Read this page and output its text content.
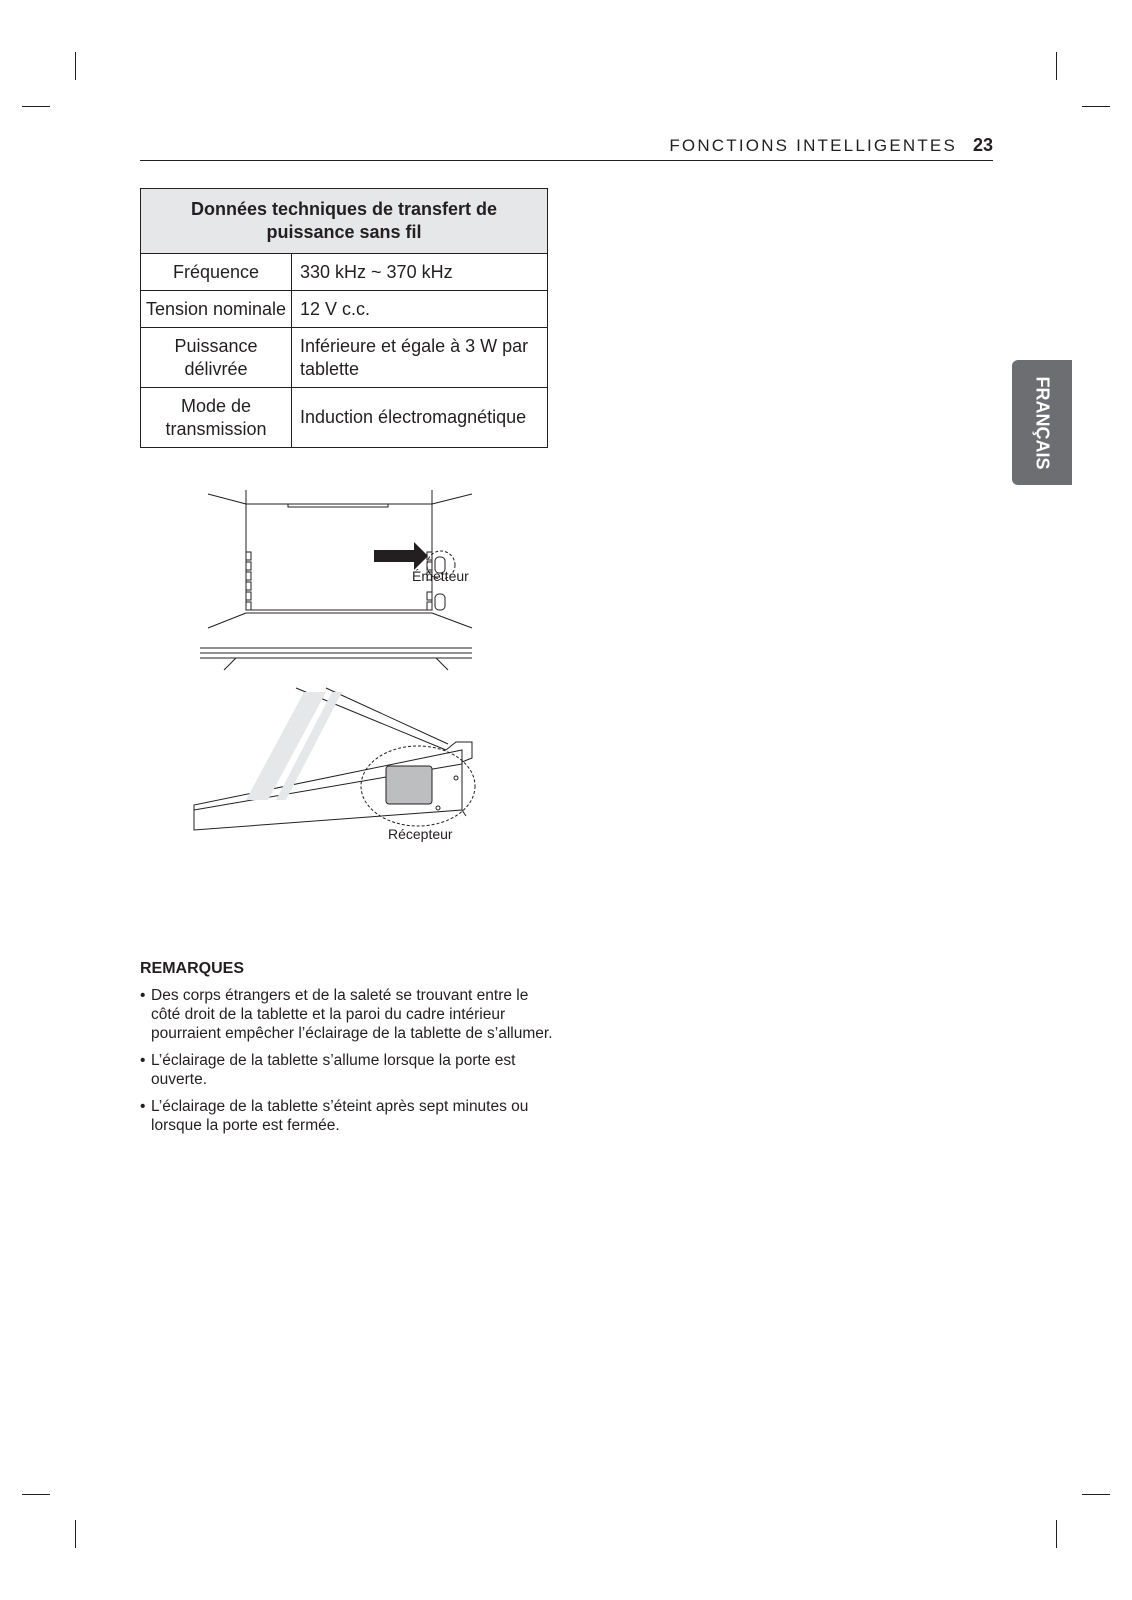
FONCTIONS INTELLIGENTES 23
FRANÇAIS
Données techniques de transfert de puissance sans fil	
Fréquence	330 kHz ~ 370 kHz
Tension nominale	12 V c.c.
Puissance délivrée	Inférieure et égale à 3 W par tablette
Mode de transmission	Induction électromagnétique
Émetteur
Récepteur
REMARQUES
• Des corps étrangers et de la saleté se trouvant entre le côté droit de la tablette et la paroi du cadre intérieur pourraient empêcher l’éclairage de la tablette de s’allumer.
• L’éclairage de la tablette s’allume lorsque la porte est ouverte.
• L’éclairage de la tablette s’éteint après sept minutes ou lorsque la porte est fermée.
